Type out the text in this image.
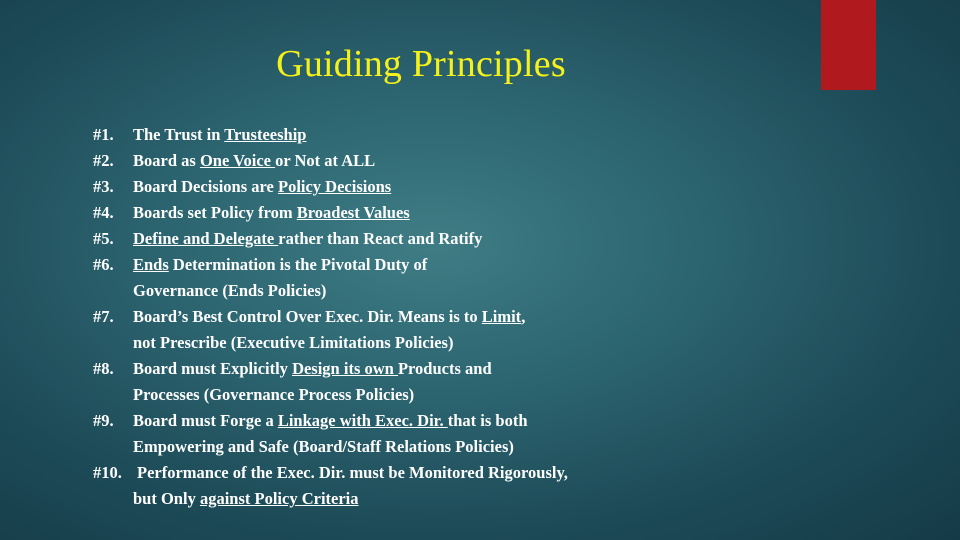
Guiding Principles
#1.	The Trust in Trusteeship
#2.	Board as One Voice or Not at ALL
#3.	Board Decisions are Policy Decisions
#4.	Boards set Policy from Broadest Values
#5.	Define and Delegate rather than React and Ratify
#6.	Ends Determination is the Pivotal Duty of
Governance (Ends Policies)
#7.	Board’s Best Control Over Exec. Dir. Means is to Limit,
not Prescribe (Executive Limitations Policies)
#8.	Board must Explicitly Design its own Products and
Processes (Governance Process Policies)
#9.	Board must Forge a Linkage with Exec. Dir. that is both
Empowering and Safe (Board/Staff Relations Policies)
#10. Performance of the Exec. Dir. must be Monitored Rigorously,
but Only against Policy Criteria
